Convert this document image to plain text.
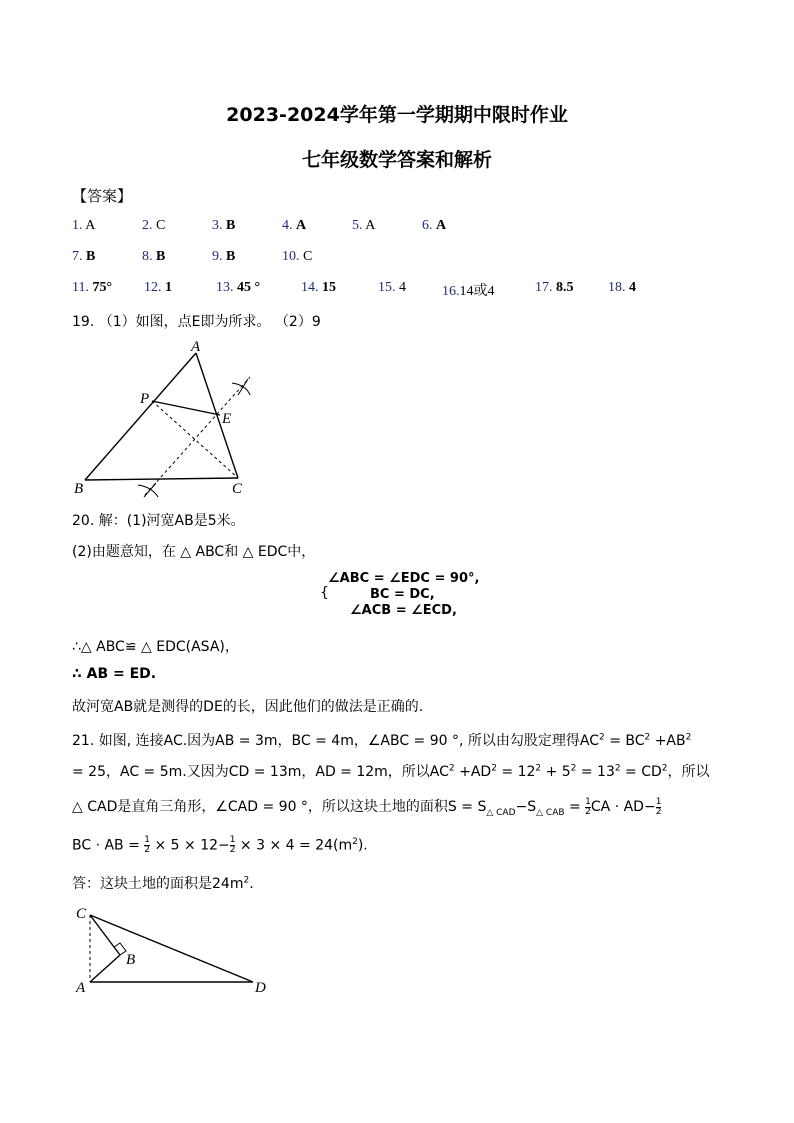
2023-2024学年第一学期期中限时作业
七年级数学答案和解析
【答案】
1. A	2. C	3. B	4. A	5. A	6. A
7. B	8. B	9. B	10. C
11. 75° 12. 1	13. 45 °	14. 15	15. 4	16.14或4	17. 8.5 18. 4
19. （1）如图，点E即为所求。 （2）9
A
P
E
B	C
20. 解：(1)河宽AB是5米。
(2)由题意知，在 △ ABC和 △ EDC中，
{
∠ABC = ∠EDC = 90°,
BC = DC,
∠ACB = ∠ECD,
∴△ ABC≌ △ EDC(ASA)，
∴ AB = ED.
故河宽AB就是测得的DE的长，因此他们的做法是正确的.
21. 如图, 连接AC.因为AB = 3m，BC = 4m，∠ABC = 90 °, 所以由勾股定理得$AC^2 = BC^2 +AB^2$
= 25，AC = 5m.又因为CD = 13m，AD = 12m，所以$AC^2 +AD^2 = 12^2 + 5^2 = 13^2 = CD^2$，所以
△ CAD是直角三角形，∠CAD = 90 °，所以这块土地的面积$S = S_{\triangle CAD}-S_{\triangle CAB} = \frac{1}{2}$ CA · $AD- \frac{1}{2}$
BC · AB = $\frac{1}{2} \times 5 \times 12- \frac{1}{2} \times 3 \times 4 = 24(m^2)$.
答：这块土地的面积是$24m^2$.
C
B
A	D
